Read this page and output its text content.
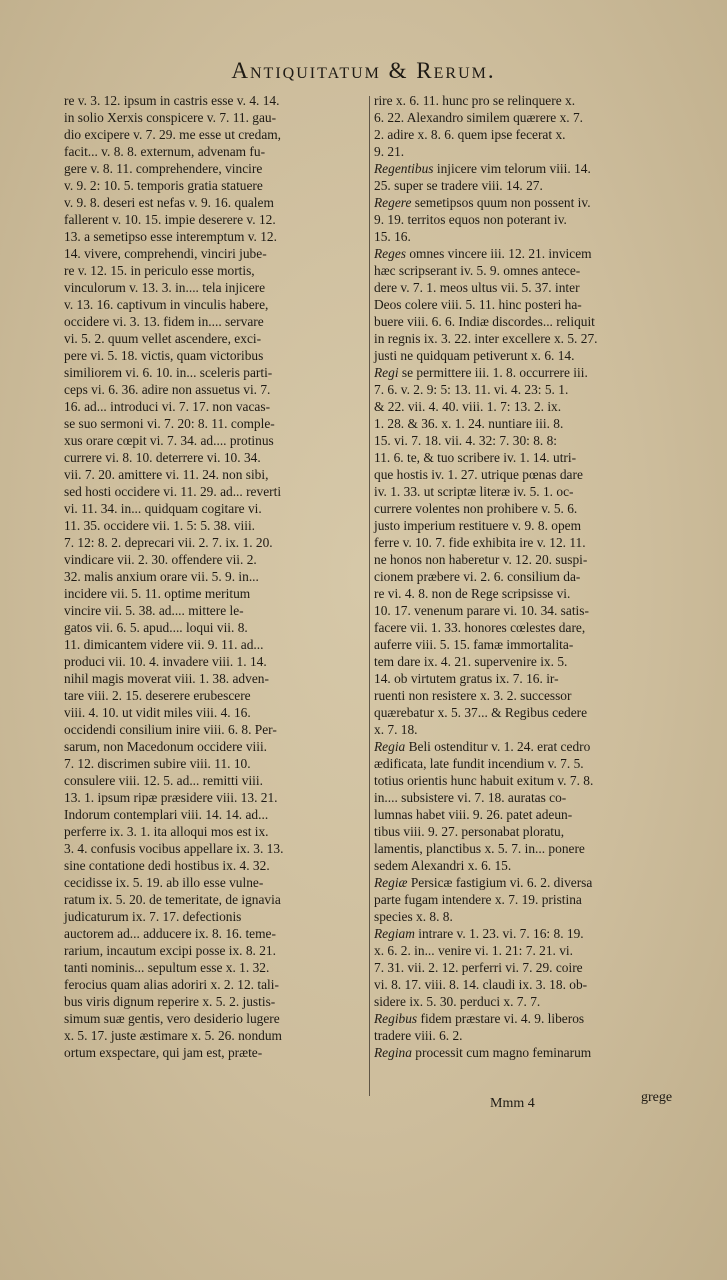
Antiquitatum & Rerum.
re v. 3. 12. ipsum in castris esse v. 4. 14.
in solio Xerxis conspicere v. 7. 11. gau-
dio excipere v. 7. 29. me esse ut credam,
facit... v. 8. 8. externum, advenam fu-
gere v. 8. 11. comprehendere, vincire
v. 9. 2: 10. 5. temporis gratia statuere
v. 9. 8. deseri est nefas v. 9. 16. qualem
fallerent v. 10. 15. impie deserere v. 12.
13. a semetipso esse interemptum v. 12.
14. vivere, comprehendi, vinciri jube-
re v. 12. 15. in periculo esse mortis,
vinculorum v. 13. 3. in.... tela injicere
v. 13. 16. captivum in vinculis habere,
occidere vi. 3. 13. fidem in.... servare
vi. 5. 2. quum vellet ascendere, exci-
pere vi. 5. 18. victis, quam victoribus
similiorem vi. 6. 10. in... sceleris parti-
ceps vi. 6. 36. adire non assuetus vi. 7.
16. ad... introduci vi. 7. 17. non vacas-
se suo sermoni vi. 7. 20: 8. 11. comple-
xus orare cœpit vi. 7. 34. ad.... protinus
currere vi. 8. 10. deterrere vi. 10. 34.
vii. 7. 20. amittere vi. 11. 24. non sibi,
sed hosti occidere vi. 11. 29. ad... reverti
vi. 11. 34. in... quidquam cogitare vi.
11. 35. occidere vii. 1. 5: 5. 38. viii.
7. 12: 8. 2. deprecari vii. 2. 7. ix. 1. 20.
vindicare vii. 2. 30. offendere vii. 2.
32. malis anxium orare vii. 5. 9. in...
incidere vii. 5. 11. optime meritum
vincire vii. 5. 38. ad.... mittere le-
gatos vii. 6. 5. apud.... loqui vii. 8.
11. dimicantem videre vii. 9. 11. ad...
produci vii. 10. 4. invadere viii. 1. 14.
nihil magis moverat viii. 1. 38. adven-
tare viii. 2. 15. deserere erubescere
viii. 4. 10. ut vidit miles viii. 4. 16.
occidendi consilium inire viii. 6. 8. Per-
sarum, non Macedonum occidere viii.
7. 12. discrimen subire viii. 11. 10.
consulere viii. 12. 5. ad... remitti viii.
13. 1. ipsum ripæ præsidere viii. 13. 21.
Indorum contemplari viii. 14. 14. ad...
perferre ix. 3. 1. ita alloqui mos est ix.
3. 4. confusis vocibus appellare ix. 3. 13.
sine contatione dedi hostibus ix. 4. 32.
cecidisse ix. 5. 19. ab illo esse vulne-
ratum ix. 5. 20. de temeritate, de ignavia
judicaturum ix. 7. 17. defectionis
auctorem ad... adducere ix. 8. 16. teme-
rarium, incautum excipi posse ix. 8. 21.
tanti nominis... sepultum esse x. 1. 32.
ferocius quam alias adoriri x. 2. 12. tali-
bus viris dignum reperire x. 5. 2. justis-
simum suæ gentis, vero desiderio lugere
x. 5. 17. juste æstimare x. 5. 26. nondum
ortum exspectare, qui jam est, præte-
rire x. 6. 11. hunc pro se relinquere x.
6. 22. Alexandro similem quærere x. 7.
2. adire x. 8. 6. quem ipse fecerat x.
9. 21.
Regentibus injicere vim telorum viii. 14.
25. super se tradere viii. 14. 27.
Regere semetipsos quum non possent iv.
9. 19. territos equos non poterant iv.
15. 16.
Reges omnes vincere iii. 12. 21. invicem
hæc scripserant iv. 5. 9. omnes antece-
dere v. 7. 1. meos ultus vii. 5. 37. inter
Deos colere viii. 5. 11. hinc posteri ha-
buere viii. 6. 6. Indiæ discordes... reliquit
in regnis ix. 3. 22. inter excellere x. 5. 27.
justi ne quidquam petiverunt x. 6. 14.
Regi se permittere iii. 1. 8. occurrere iii.
7. 6. v. 2. 9: 5: 13. 11. vi. 4. 23: 5. 1.
& 22. vii. 4. 40. viii. 1. 7: 13. 2. ix.
1. 28. & 36. x. 1. 24. nuntiare iii. 8.
15. vi. 7. 18. vii. 4. 32: 7. 30: 8. 8:
11. 6. te, & tuo scribere iv. 1. 14. utri-
que hostis iv. 1. 27. utrique pœnas dare
iv. 1. 33. ut scriptæ literæ iv. 5. 1. oc-
currere volentes non prohibere v. 5. 6.
justo imperium restituere v. 9. 8. opem
ferre v. 10. 7. fide exhibita ire v. 12. 11.
ne honos non haberetur v. 12. 20. suspi-
cionem præbere vi. 2. 6. consilium da-
re vi. 4. 8. non de Rege scripsisse vi.
10. 17. venenum parare vi. 10. 34. satis-
facere vii. 1. 33. honores cœlestes dare,
auferre viii. 5. 15. famæ immortalita-
tem dare ix. 4. 21. supervenire ix. 5.
14. ob virtutem gratus ix. 7. 16. ir-
ruenti non resistere x. 3. 2. successor
quærebatur x. 5. 37... & Regibus cedere
x. 7. 18.
Regia Beli ostenditur v. 1. 24. erat cedro
ædificata, late fundit incendium v. 7. 5.
totius orientis hunc habuit exitum v. 7. 8.
in.... subsistere vi. 7. 18. auratas co-
lumnas habet viii. 9. 26. patet adeun-
tibus viii. 9. 27. personabat ploratu,
lamentis, planctibus x. 5. 7. in... ponere
sedem Alexandri x. 6. 15.
Regiæ Persicæ fastigium vi. 6. 2. diversa
parte fugam intendere x. 7. 19. pristina
species x. 8. 8.
Regiam intrare v. 1. 23. vi. 7. 16: 8. 19.
x. 6. 2. in... venire vi. 1. 21: 7. 21. vi.
7. 31. vii. 2. 12. perferri vi. 7. 29. coire
vi. 8. 17. viii. 8. 14. claudi ix. 3. 18. ob-
sidere ix. 5. 30. perduci x. 7. 7.
Regibus fidem præstare vi. 4. 9. liberos
tradere viii. 6. 2.
Regina processit cum magno feminarum
Mmm 4	grege
